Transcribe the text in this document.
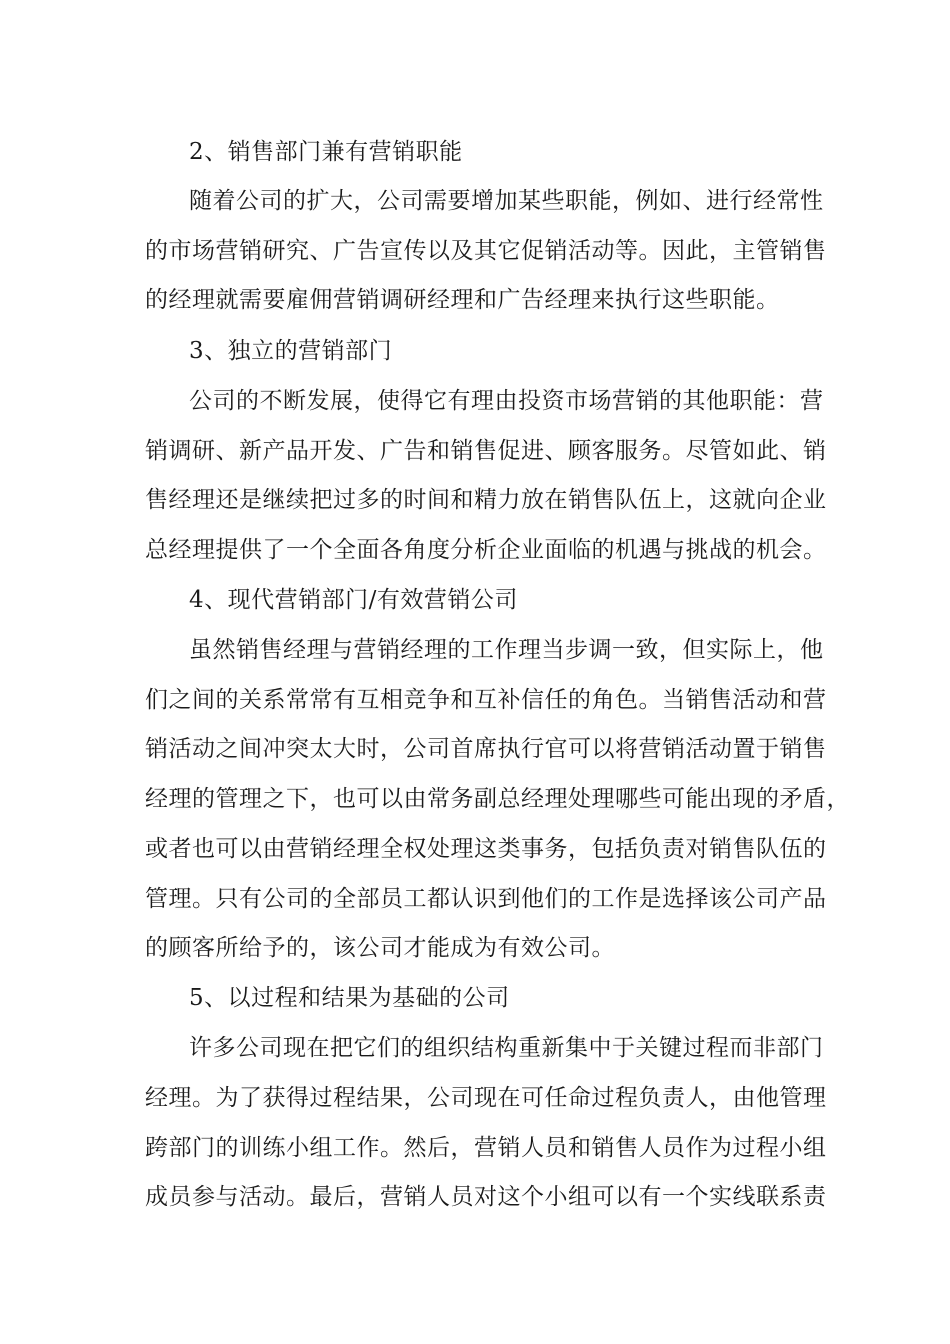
2、销售部门兼有营销职能
随着公司的扩大，公司需要增加某些职能，例如、进行经常性
的市场营销研究、广告宣传以及其它促销活动等。因此，主管销售
的经理就需要雇佣营销调研经理和广告经理来执行这些职能。
3、独立的营销部门
公司的不断发展，使得它有理由投资市场营销的其他职能：营
销调研、新产品开发、广告和销售促进、顾客服务。尽管如此、销
售经理还是继续把过多的时间和精力放在销售队伍上，这就向企业
总经理提供了一个全面各角度分析企业面临的机遇与挑战的机会。
4、现代营销部门/有效营销公司
虽然销售经理与营销经理的工作理当步调一致，但实际上，他
们之间的关系常常有互相竞争和互补信任的角色。当销售活动和营
销活动之间冲突太大时，公司首席执行官可以将营销活动置于销售
经理的管理之下，也可以由常务副总经理处理哪些可能出现的矛盾，
或者也可以由营销经理全权处理这类事务，包括负责对销售队伍的
管理。只有公司的全部员工都认识到他们的工作是选择该公司产品
的顾客所给予的，该公司才能成为有效公司。
5、以过程和结果为基础的公司
许多公司现在把它们的组织结构重新集中于关键过程而非部门
经理。为了获得过程结果，公司现在可任命过程负责人，由他管理
跨部门的训练小组工作。然后，营销人员和销售人员作为过程小组
成员参与活动。最后，营销人员对这个小组可以有一个实线联系责
